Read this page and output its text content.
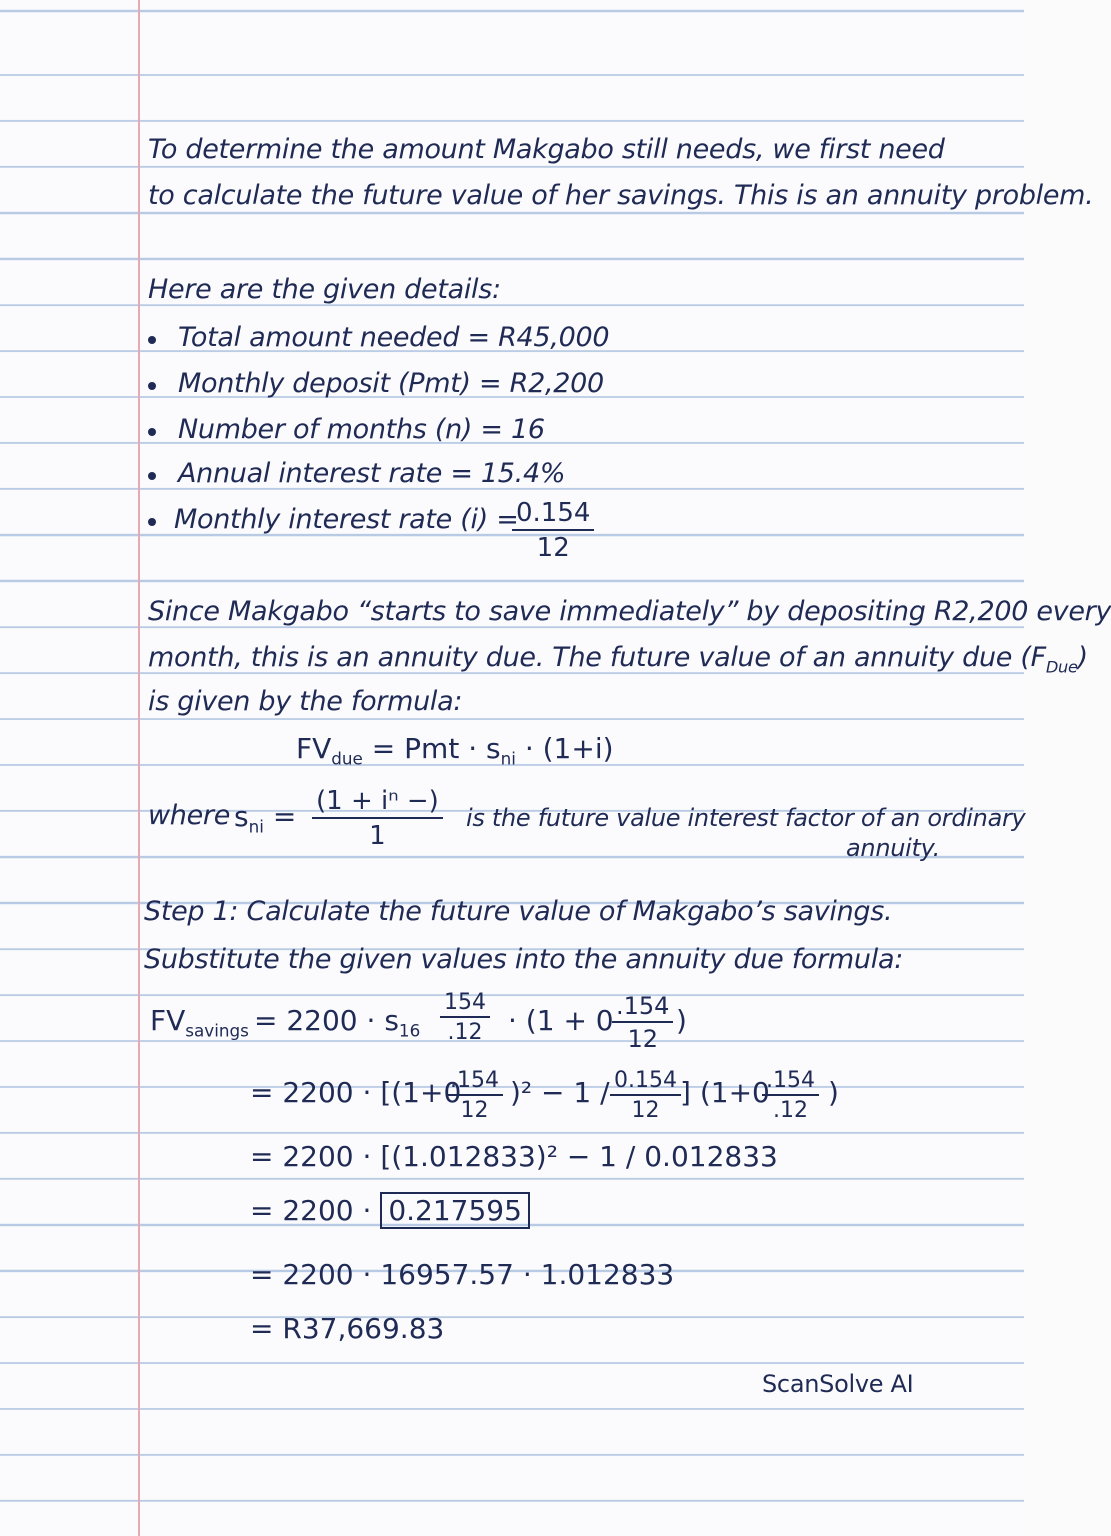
To determine the amount Makgabo still needs, we first need
to calculate the future value of her savings. This is an annuity problem.
Here are the given details:
Total amount needed = R45,000
Monthly deposit (Pmt) = R2,200
Number of months (n) = 16
Annual interest rate = 15.4%
Monthly interest rate (i) =
$\frac{0.154}{12}$
Since Makgabo “starts to save immediately” by depositing R2,200 every
month, this is an annuity due. The future value of an annuity due $(F_{Due})$
is given by the formula:
$FV_{due}$ = Pmt · $s_{ni} \cdot (1+i)$
where $s_{ni} = \frac{\text{(1 + iⁿ −)}}{1}$ is the future value interest factor of an ordinary
annuity.
Step 1: Calculate the future value of Makgabo’s savings.
Substitute the given values into the annuity due formula:
$FV_{savings} = 2200 \cdot s_{16} \frac{154}{.12} \cdot (1 + 0$
$\frac{.154}{12}$ )
= 2200 · [(1+0
$\frac{.154}{12} )^2 - 1 / \frac{0.154}{12}$ ] (1+0
$\frac{.154}{.12}$ )
= 2200 · [(1.012833)² − 1 / 0.012833
= 2200 · 0.217595
= 2200 · 16957.57 · 1.012833
= R37,669.83
ScanSolve AI
